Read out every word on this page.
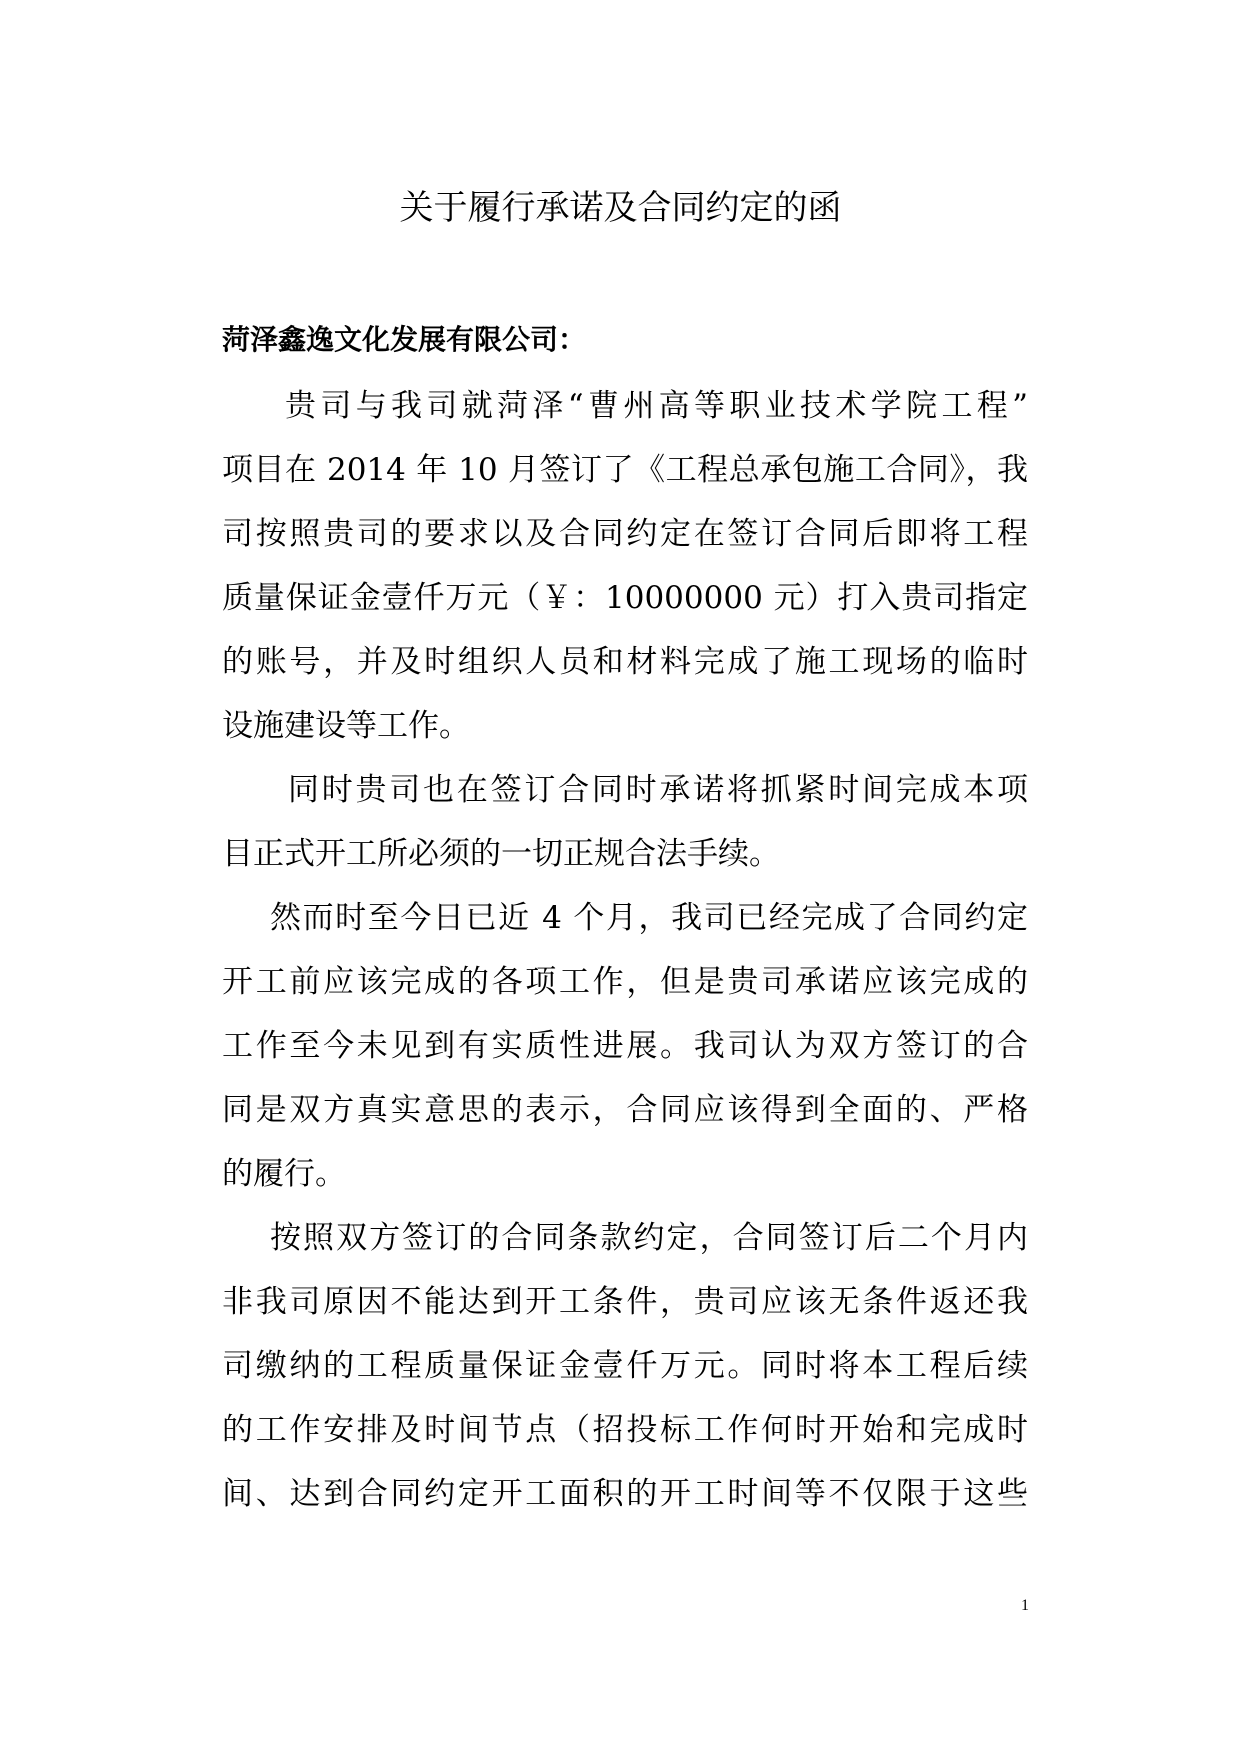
关于履行承诺及合同约定的函
菏泽鑫逸文化发展有限公司：
贵司与我司就菏泽“曹州高等职业技术学院工程”
项目在 2014 年 10 月签订了《工程总承包施工合同》，我
司按照贵司的要求以及合同约定在签订合同后即将工程
质量保证金壹仟万元（￥：10000000 元）打入贵司指定
的账号，并及时组织人员和材料完成了施工现场的临时
设施建设等工作。
同时贵司也在签订合同时承诺将抓紧时间完成本项
目正式开工所必须的一切正规合法手续。
然而时至今日已近 4 个月，我司已经完成了合同约定
开工前应该完成的各项工作，但是贵司承诺应该完成的
工作至今未见到有实质性进展。我司认为双方签订的合
同是双方真实意思的表示，合同应该得到全面的、严格
的履行。
按照双方签订的合同条款约定，合同签订后二个月内
非我司原因不能达到开工条件，贵司应该无条件返还我
司缴纳的工程质量保证金壹仟万元。同时将本工程后续
的工作安排及时间节点（招投标工作何时开始和完成时
间、达到合同约定开工面积的开工时间等不仅限于这些
1
